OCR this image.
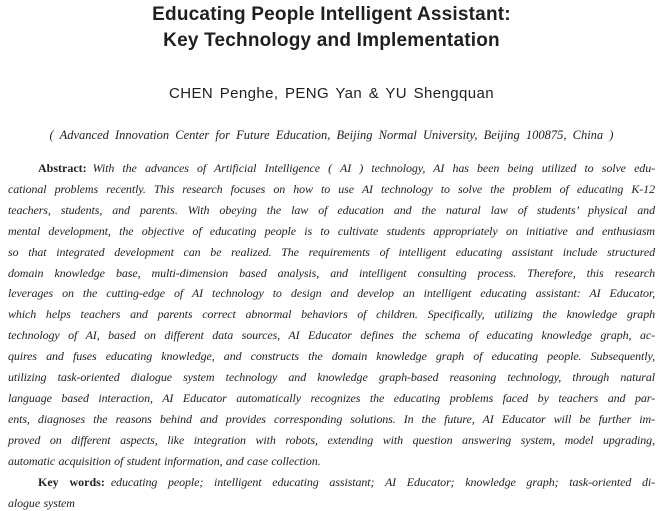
Educating People Intelligent Assistant:
Key Technology and Implementation
CHEN Penghe, PENG Yan & YU Shengquan
( Advanced Innovation Center for Future Education, Beijing Normal University, Beijing 100875, China )
Abstract: With the advances of Artificial Intelligence ( AI ) technology, AI has been being utilized to solve edu-
cational problems recently. This research focuses on how to use AI technology to solve the problem of educating K-12
teachers, students, and parents. With obeying the law of education and the natural law of students’ physical and
mental development, the objective of educating people is to cultivate students appropriately on initiative and enthusiasm
so that integrated development can be realized. The requirements of intelligent educating assistant include structured
domain knowledge base, multi-dimension based analysis, and intelligent consulting process. Therefore, this research
leverages on the cutting-edge of AI technology to design and develop an intelligent educating assistant: AI Educator,
which helps teachers and parents correct abnormal behaviors of children. Specifically, utilizing the knowledge graph
technology of AI, based on different data sources, AI Educator defines the schema of educating knowledge graph, ac-
quires and fuses educating knowledge, and constructs the domain knowledge graph of educating people. Subsequently,
utilizing task-oriented dialogue system technology and knowledge graph-based reasoning technology, through natural
language based interaction, AI Educator automatically recognizes the educating problems faced by teachers and par-
ents, diagnoses the reasons behind and provides corresponding solutions. In the future, AI Educator will be further im-
proved on different aspects, like integration with robots, extending with question answering system, model upgrading,
automatic acquisition of student information, and case collection.
Key words: educating people; intelligent educating assistant; AI Educator; knowledge graph; task-oriented di-
alogue system
